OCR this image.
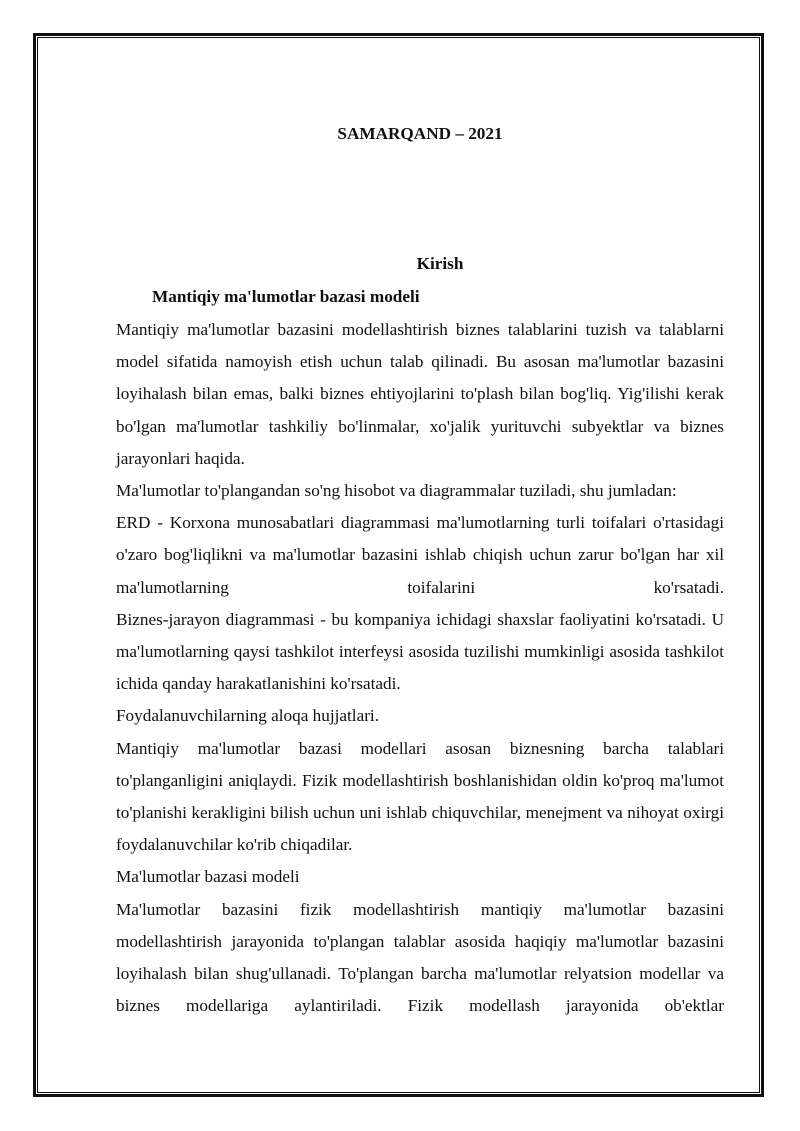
SAMARQAND – 2021
Kirish
Mantiqiy ma'lumotlar bazasi modeli

Mantiqiy ma'lumotlar bazasini modellashtirish biznes talablarini tuzish va talablarni model sifatida namoyish etish uchun talab qilinadi. Bu asosan ma'lumotlar bazasini loyihalash bilan emas, balki biznes ehtiyojlarini to'plash bilan bog'liq. Yig'ilishi kerak bo'lgan ma'lumotlar tashkiliy bo'linmalar, xo'jalik yurituvchi subyektlar va biznes jarayonlari haqida.

Ma'lumotlar to'plangandan so'ng hisobot va diagrammalar tuziladi, shu jumladan:

ERD - Korxona munosabatlari diagrammasi ma'lumotlarning turli toifalari o'rtasidagi o'zaro bog'liqlikni va ma'lumotlar bazasini ishlab chiqish uchun zarur bo'lgan har xil ma'lumotlarning toifalarini ko'rsatadi.

Biznes-jarayon diagrammasi - bu kompaniya ichidagi shaxslar faoliyatini ko'rsatadi. U ma'lumotlarning qaysi tashkilot interfeysi asosida tuzilishi mumkinligi asosida tashkilot ichida qanday harakatlanishini ko'rsatadi.

Foydalanuvchilarning aloqa hujjatlari.

Mantiqiy ma'lumotlar bazasi modellari asosan biznesning barcha talablari to'planganligini aniqlaydi. Fizik modellashtirish boshlanishidan oldin ko'proq ma'lumot to'planishi kerakligini bilish uchun uni ishlab chiquvchilar, menejment va nihoyat oxirgi foydalanuvchilar ko'rib chiqadilar.

Ma'lumotlar bazasi modeli

Ma'lumotlar bazasini fizik modellashtirish mantiqiy ma'lumotlar bazasini modellashtirish jarayonida to'plangan talablar asosida haqiqiy ma'lumotlar bazasini loyihalash bilan shug'ullanadi. To'plangan barcha ma'lumotlar relyatsion modellar va biznes modellariga aylantiriladi. Fizik modellash jarayonida ob'ektlar
